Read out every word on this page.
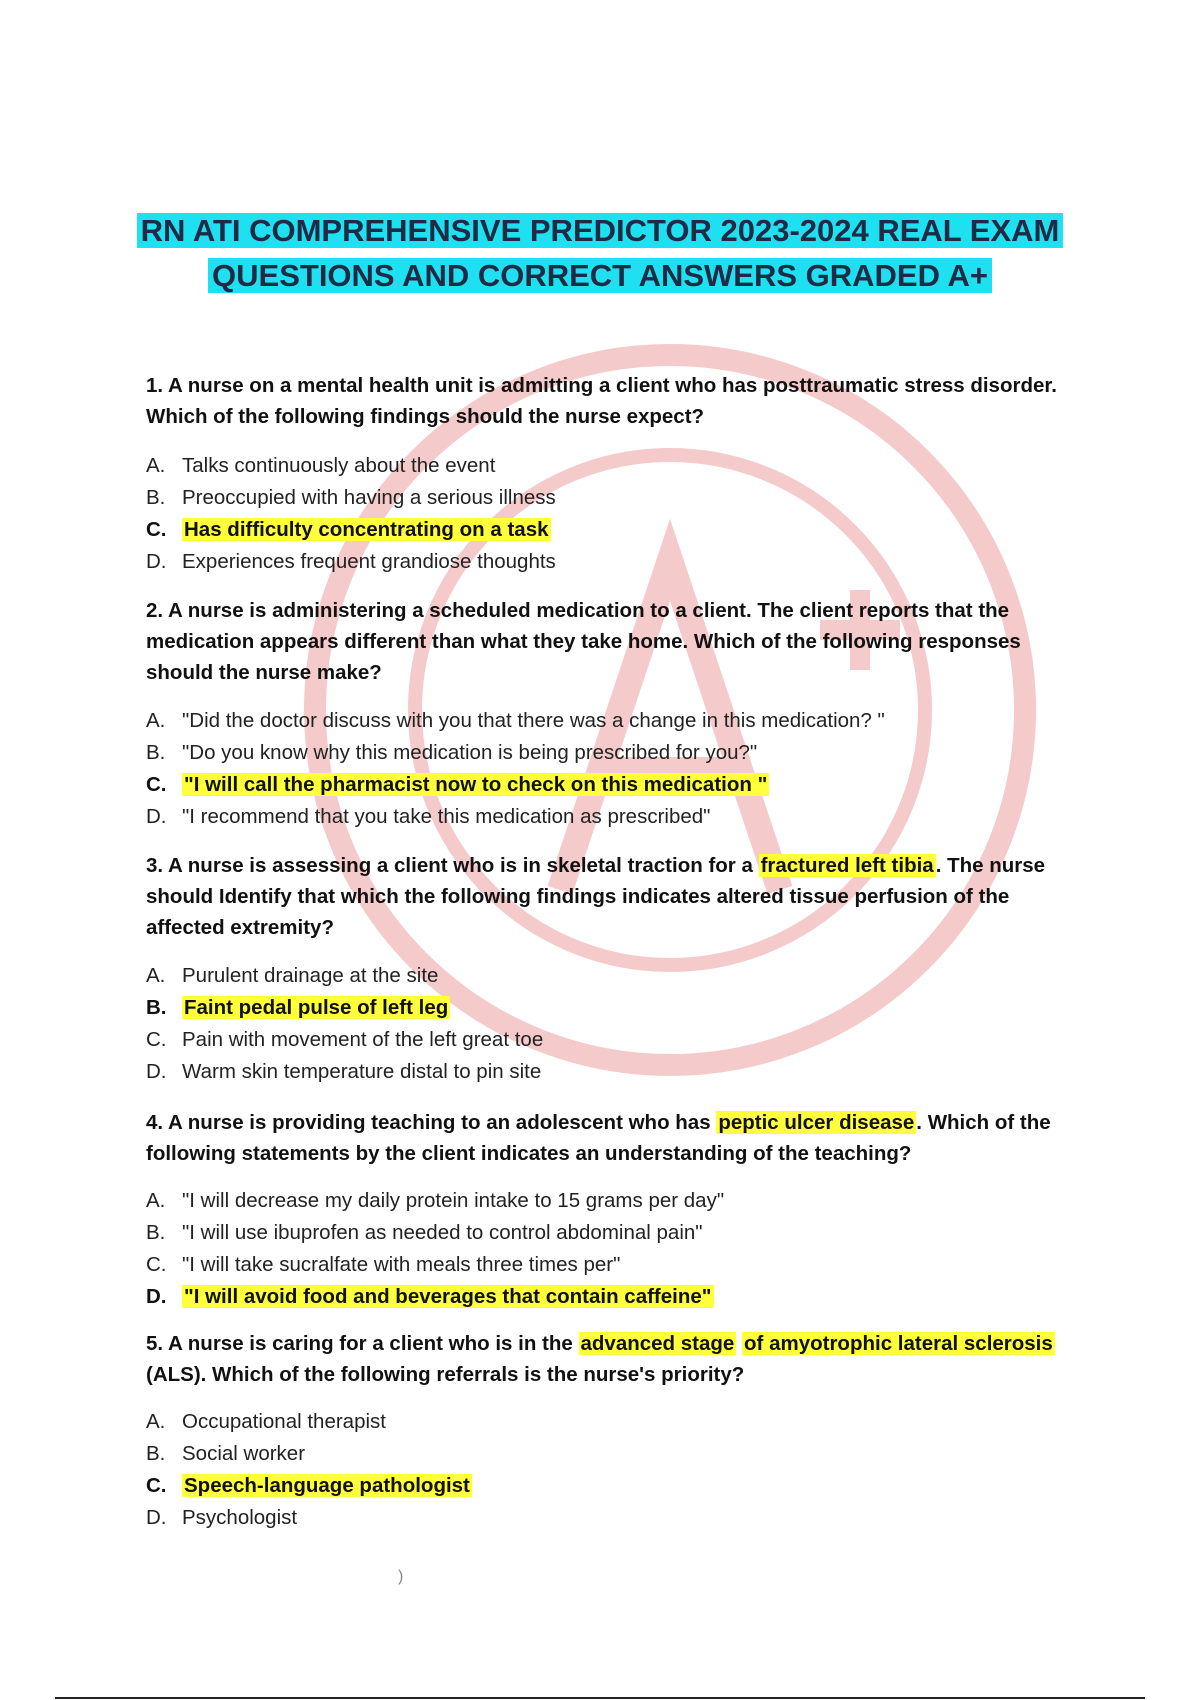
RN ATI COMPREHENSIVE PREDICTOR 2023-2024 REAL EXAM
QUESTIONS AND CORRECT ANSWERS GRADED A+
1. A nurse on a mental health unit is admitting a client who has posttraumatic stress disorder. Which of the following findings should the nurse expect?
A. Talks continuously about the event
B. Preoccupied with having a serious illness
C. Has difficulty concentrating on a task
D. Experiences frequent grandiose thoughts
2. A nurse is administering a scheduled medication to a client. The client reports that the medication appears different than what they take home. Which of the following responses should the nurse make?
A. "Did the doctor discuss with you that there was a change in this medication? "
B. "Do you know why this medication is being prescribed for you?"
C. "I will call the pharmacist now to check on this medication "
D. "I recommend that you take this medication as prescribed"
3. A nurse is assessing a client who is in skeletal traction for a fractured left tibia. The nurse should Identify that which the following findings indicates altered tissue perfusion of the affected extremity?
A. Purulent drainage at the site
B. Faint pedal pulse of left leg
C. Pain with movement of the left great toe
D. Warm skin temperature distal to pin site
4. A nurse is providing teaching to an adolescent who has peptic ulcer disease. Which of the following statements by the client indicates an understanding of the teaching?
A. "I will decrease my daily protein intake to 15 grams per day"
B. "I will use ibuprofen as needed to control abdominal pain"
C. "I will take sucralfate with meals three times per"
D. "I will avoid food and beverages that contain caffeine"
5. A nurse is caring for a client who is in the advanced stage of amyotrophic lateral sclerosis (ALS). Which of the following referrals is the nurse's priority?
A. Occupational therapist
B. Social worker
C. Speech-language pathologist
D. Psychologist
)
